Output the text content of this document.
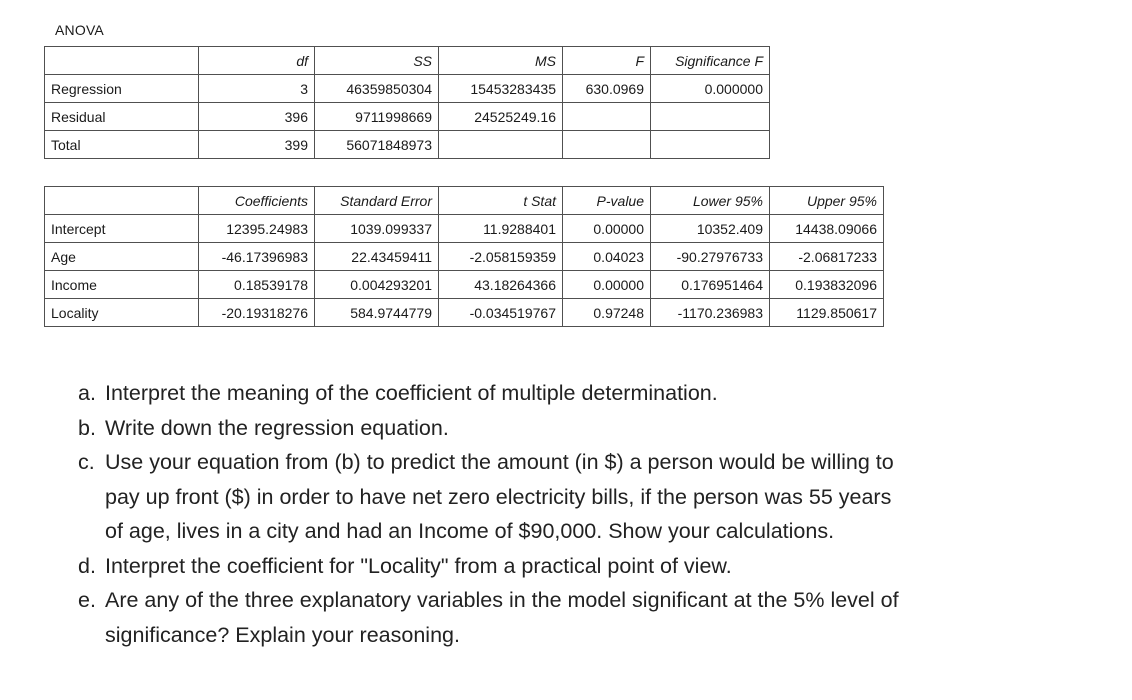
ANOVA
	df	SS	MS	F	Significance F
Regression	3	46359850304	15453283435	630.0969	0.000000
Residual	396	9711998669	24525249.16		
Total	399	56071848973			
	Coefficients	Standard Error	t Stat	P-value	Lower 95%	Upper 95%
Intercept	12395.24983	1039.099337	11.9288401	0.00000	10352.409	14438.09066
Age	-46.17396983	22.43459411	-2.058159359	0.04023	-90.27976733	-2.06817233
Income	0.18539178	0.004293201	43.18264366	0.00000	0.176951464	0.193832096
Locality	-20.19318276	584.9744779	-0.034519767	0.97248	-1170.236983	1129.850617
a. Interpret the meaning of the coefficient of multiple determination.
b. Write down the regression equation.
c. Use your equation from (b) to predict the amount (in $) a person would be willing to pay up front ($) in order to have net zero electricity bills, if the person was 55 years of age, lives in a city and had an Income of $90,000. Show your calculations.
d. Interpret the coefficient for "Locality" from a practical point of view.
e. Are any of the three explanatory variables in the model significant at the 5% level of significance? Explain your reasoning.
